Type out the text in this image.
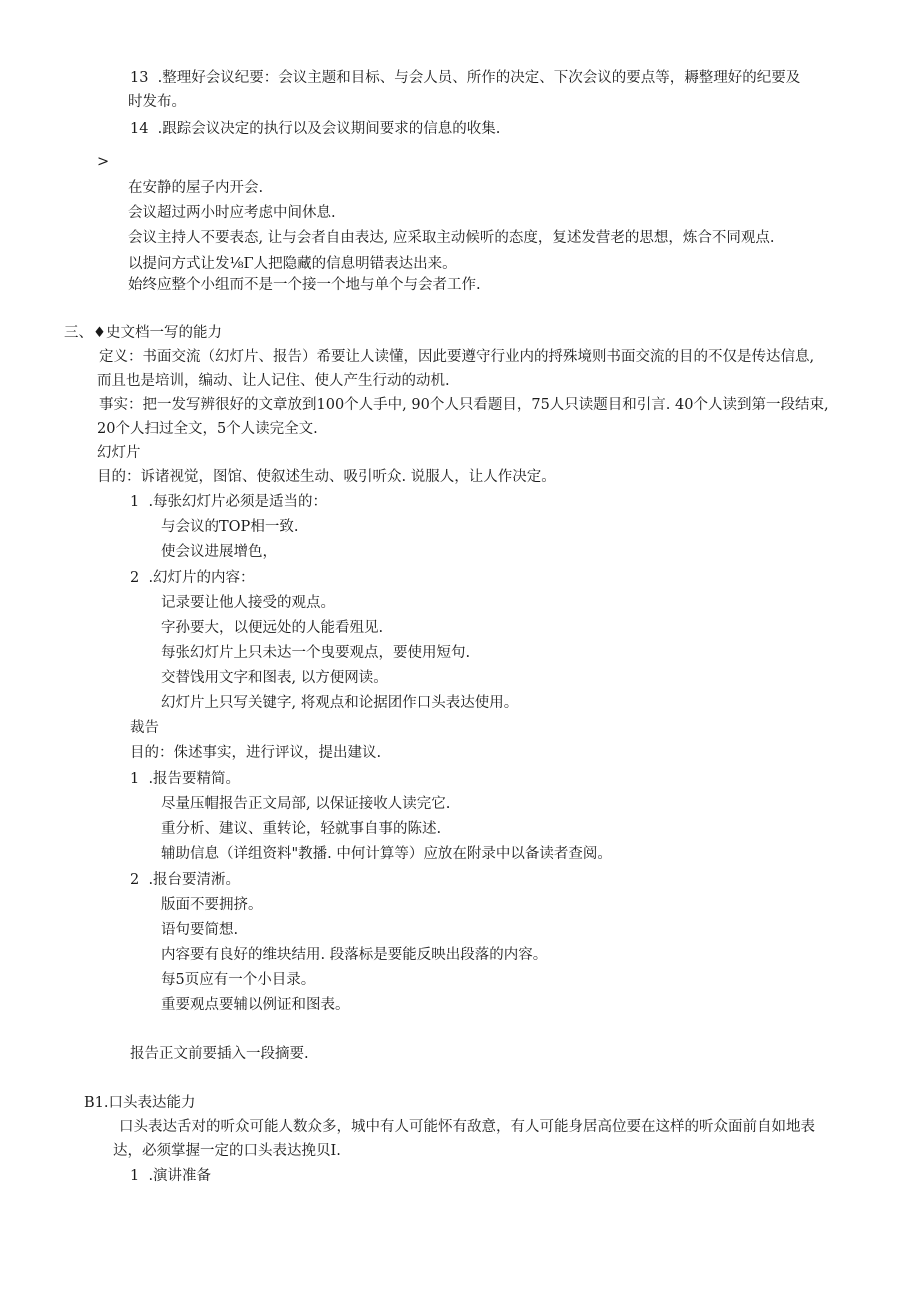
13  .整理好会议纪要：会议主题和目标、与会人员、所作的决定、下次会议的要点等，耨整理好的纪要及
时发布。
14  .跟踪会议决定的执行以及会议期间要求的信息的收集.
>
在安静的屋子内开会.
会议超过两小时应考虑中间休息.
会议主持人不要表态, 让与会者自由表达, 应采取主动候听的态度，复述发营老的思想，炼合不同观点.
以提问方式让发⅛Γ人把隐藏的信息明错表达出来。
始终应整个小组而不是一个接一个地与单个与会者工作.
三、♦史文档一写的能力
定义：书面交流（幻灯片、报告）希要让人读懂，因此要遵守行业内的捋殊境则书面交流的目的不仅是传达信息,
而且也是培训，编动、让人记住、使人产生行动的动机.
事实：把一发写辨很好的文章放到100个人手中, 90个人只看题目，75人只读题目和引言. 40个人读到第一段结束,
20个人扫过全文，5个人读完全文.
幻灯片
目的：诉诸视觉，图馆、使叙述生动、吸引听众. 说服人，让人作决定。
1  .每张幻灯片必须是适当的：
与会议的TOP相一致.
使会议进展增色，
2  .幻灯片的内容：
记录要让他人接受的观点。
字孙要大，以便远处的人能看殂见.
每张幻灯片上只未达一个曳要观点，要使用短句.
交替饯用文字和图表, 以方便网读。
幻灯片上只写关键字, 将观点和论据团作口头表达使用。
裁告
目的：侏述事实，进行评议，提出建议.
1  .报告要精简。
尽量压帽报告正文局部, 以保证接收人读完它.
重分析、建议、重转论，轻就事自事的陈述.
辅助信息（详组资料"教播. 中何计算等）应放在附录中以备读者查阅。
2  .报台要清淅。
版面不要拥挤。
语句要简想.
内容要有良好的维块结用. 段落标是要能反映出段落的内容。
每5页应有一个小目录。
重要观点要辅以例证和图表。
报告正文前要插入一段摘要.
B1.口头表达能力
口头表达舌对的听众可能人数众多，城中有人可能怀有敌意，有人可能身居高位要在这样的听众面前自如地表
达，必须掌握一定的口头表达挽贝I.
1  .演讲准备
